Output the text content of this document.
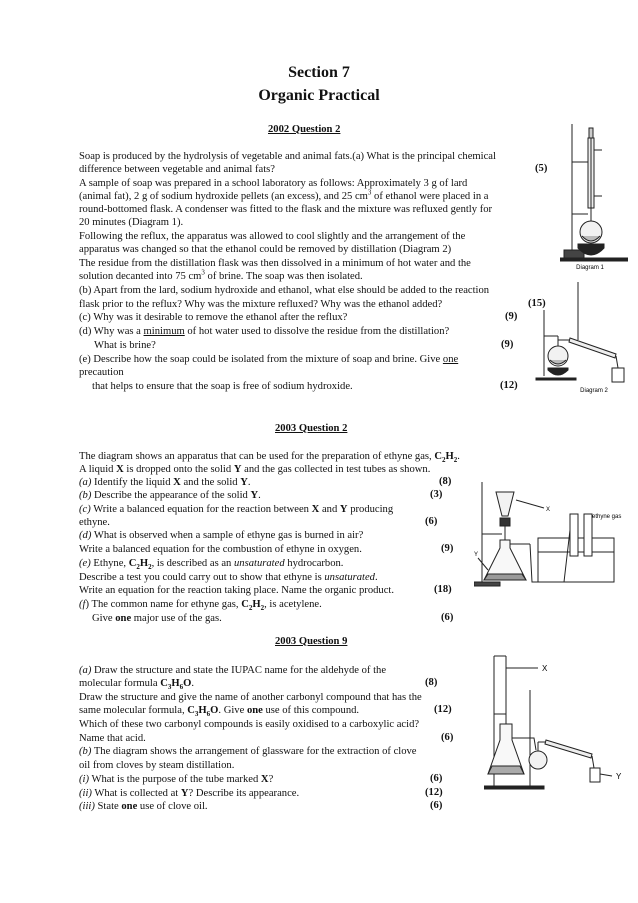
Section 7
Organic Practical
2002 Question 2
Soap is produced by the hydrolysis of vegetable and animal fats.(a) What is the principal chemical
difference between vegetable and animal fats?	(5)
A sample of soap was prepared in a school laboratory as follows: Approximately 3 g of lard
(animal fat), 2 g of sodium hydroxide pellets (an excess), and 25 $cm^3$ of ethanol were placed in a
round-bottomed flask. A condenser was fitted to the flask and the mixture was refluxed gently for
20 minutes (Diagram 1).
Following the reflux, the apparatus was allowed to cool slightly and the arrangement of the
apparatus was changed so that the ethanol could be removed by distillation (Diagram 2)
The residue from the distillation flask was then dissolved in a minimum of hot water and the
solution decanted into 75 $cm^3$ of brine. The soap was then isolated.
(b) Apart from the lard, sodium hydroxide and ethanol, what else should be added to the reaction
flask prior to the reflux? Why was the mixture refluxed? Why was the ethanol added?	(15)
(c) Why was it desirable to remove the ethanol after the reflux?	(9)
(d) Why was a minimum of hot water used to dissolve the residue from the distillation?
What is brine?	(9)
(e) Describe how the soap could be isolated from the mixture of soap and brine. Give one
precaution
that helps to ensure that the soap is free of sodium hydroxide.	(12)
Diagram 1
Diagram 2
2003 Question 2
The diagram shows an apparatus that can be used for the preparation of ethyne gas, $C_2H_2$.
A liquid X is dropped onto the solid Y and the gas collected in test tubes as shown.
(a) Identify the liquid X and the solid Y.	(8)
(b) Describe the appearance of the solid Y.	(3)
(c) Write a balanced equation for the reaction between X and Y producing
ethyne.	(6)
(d) What is observed when a sample of ethyne gas is burned in air?
Write a balanced equation for the combustion of ethyne in oxygen.	(9)
(e) Ethyne, $C_2H_2$, is described as an unsaturated hydrocarbon.
Describe a test you could carry out to show that ethyne is unsaturated.
Write an equation for the reaction taking place. Name the organic product.	(18)
(f) The common name for ethyne gas, $C_2H_2$, is acetylene.
Give one major use of the gas.	(6)
X
Y
ethyne gas
2003 Question 9
(a) Draw the structure and state the IUPAC name for the aldehyde of the
molecular formula $C_3H_6O$.	(8)
Draw the structure and give the name of another carbonyl compound that has the
same molecular formula, $C_3H_6O$. Give one use of this compound.	(12)
Which of these two carbonyl compounds is easily oxidised to a carboxylic acid?
Name that acid.	(6)
(b) The diagram shows the arrangement of glassware for the extraction of clove
oil from cloves by steam distillation.
(i) What is the purpose of the tube marked X?	(6)
(ii) What is collected at Y? Describe its appearance.	(12)
(iii) State one use of clove oil.	(6)
X
Y
